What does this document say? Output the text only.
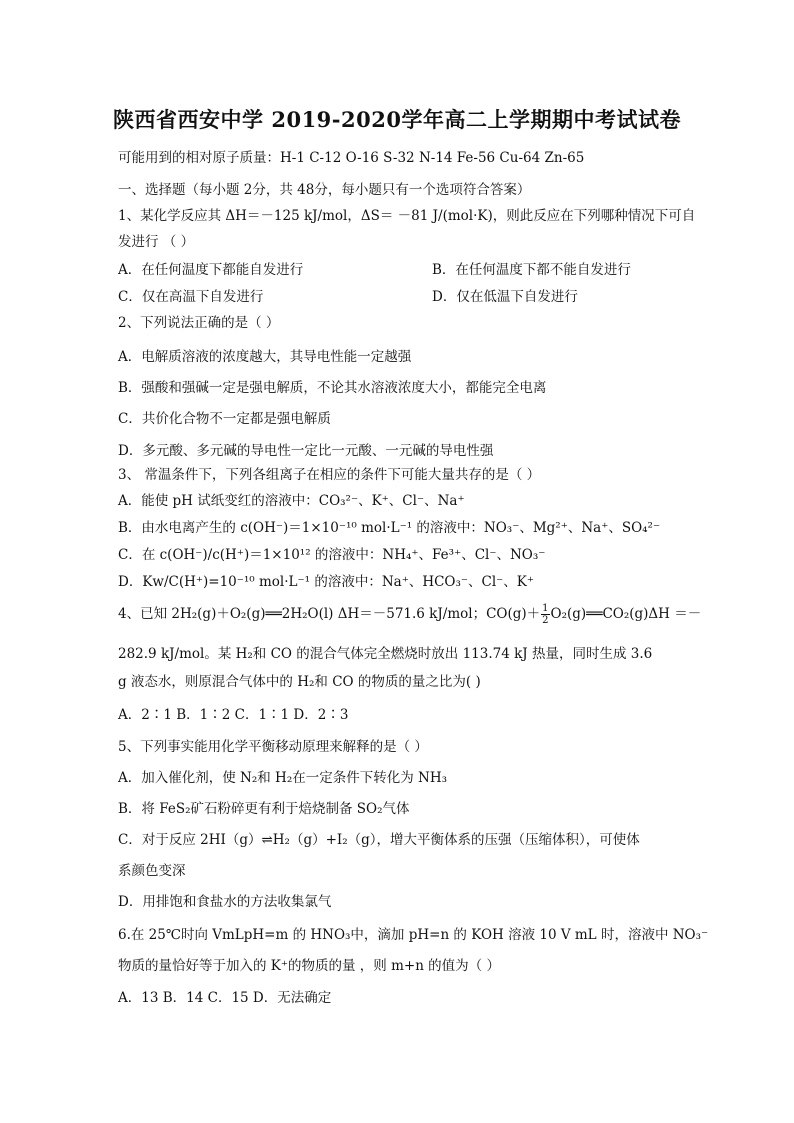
陕西省西安中学 2019-2020学年高二上学期期中考试试卷
可能用到的相对原子质量：H-1 C-12 O-16 S-32 N-14 Fe-56 Cu-64 Zn-65
一、选择题（每小题 2分，共 48分，每小题只有一个选项符合答案）
1、某化学反应其 ΔH＝－125 kJ/mol，ΔS＝ －81 J/(mol·K)，则此反应在下列哪种情况下可自
发进行 （ ）
A．在任何温度下都能自发进行	B．在任何温度下都不能自发进行
C．仅在高温下自发进行	D．仅在低温下自发进行
2、下列说法正确的是（ ）
A．电解质溶液的浓度越大，其导电性能一定越强
B．强酸和强碱一定是强电解质，不论其水溶液浓度大小，都能完全电离
C．共价化合物不一定都是强电解质
D．多元酸、多元碱的导电性一定比一元酸、一元碱的导电性强
3、 常温条件下，下列各组离子在相应的条件下可能大量共存的是（ ）
A．能使 pH 试纸变红的溶液中：CO₃²⁻、K⁺、Cl⁻、Na⁺
B．由水电离产生的 c(OH⁻)＝1×10⁻¹⁰ mol·L⁻¹ 的溶液中：NO₃⁻、Mg²⁺、Na⁺、SO₄²⁻
C．在 c(OH⁻)/c(H⁺)＝1×10¹² 的溶液中：NH₄⁺、Fe³⁺、Cl⁻、NO₃⁻
D．Kw/C(H⁺)=10⁻¹⁰ mol·L⁻¹ 的溶液中：Na⁺、HCO₃⁻、Cl⁻、K⁺
4、已知 2H₂(g)＋O₂(g)══2H₂O(l) ΔH＝－571.6 kJ/mol；$CO(g)+ \frac{1}{2}$ O₂(g)══CO₂(g)ΔH ＝－
282.9 kJ/mol。某 H₂和 CO 的混合气体完全燃烧时放出 113.74 kJ 热量，同时生成 3.6
g 液态水，则原混合气体中的 H₂和 CO 的物质的量之比为( )
A．2∶1 B．1∶2 C．1∶1 D．2∶3
5、下列事实能用化学平衡移动原理来解释的是（ ）
A．加入催化剂，使 N₂和 H₂在一定条件下转化为 NH₃
B．将 FeS₂矿石粉碎更有利于焙烧制备 SO₂气体
C．对于反应 2HI（g）⇌H₂（g）+I₂（g），增大平衡体系的压强（压缩体积），可使体
系颜色变深
D．用排饱和食盐水的方法收集氯气
6.在 25℃时向 VmLpH=m 的 HNO₃中，滴加 pH=n 的 KOH 溶液 10 V mL 时，溶液中 NO₃⁻
物质的量恰好等于加入的 K⁺的物质的量 ，则 m+n 的值为（ ）
A．13 B．14 C．15 D．无法确定
